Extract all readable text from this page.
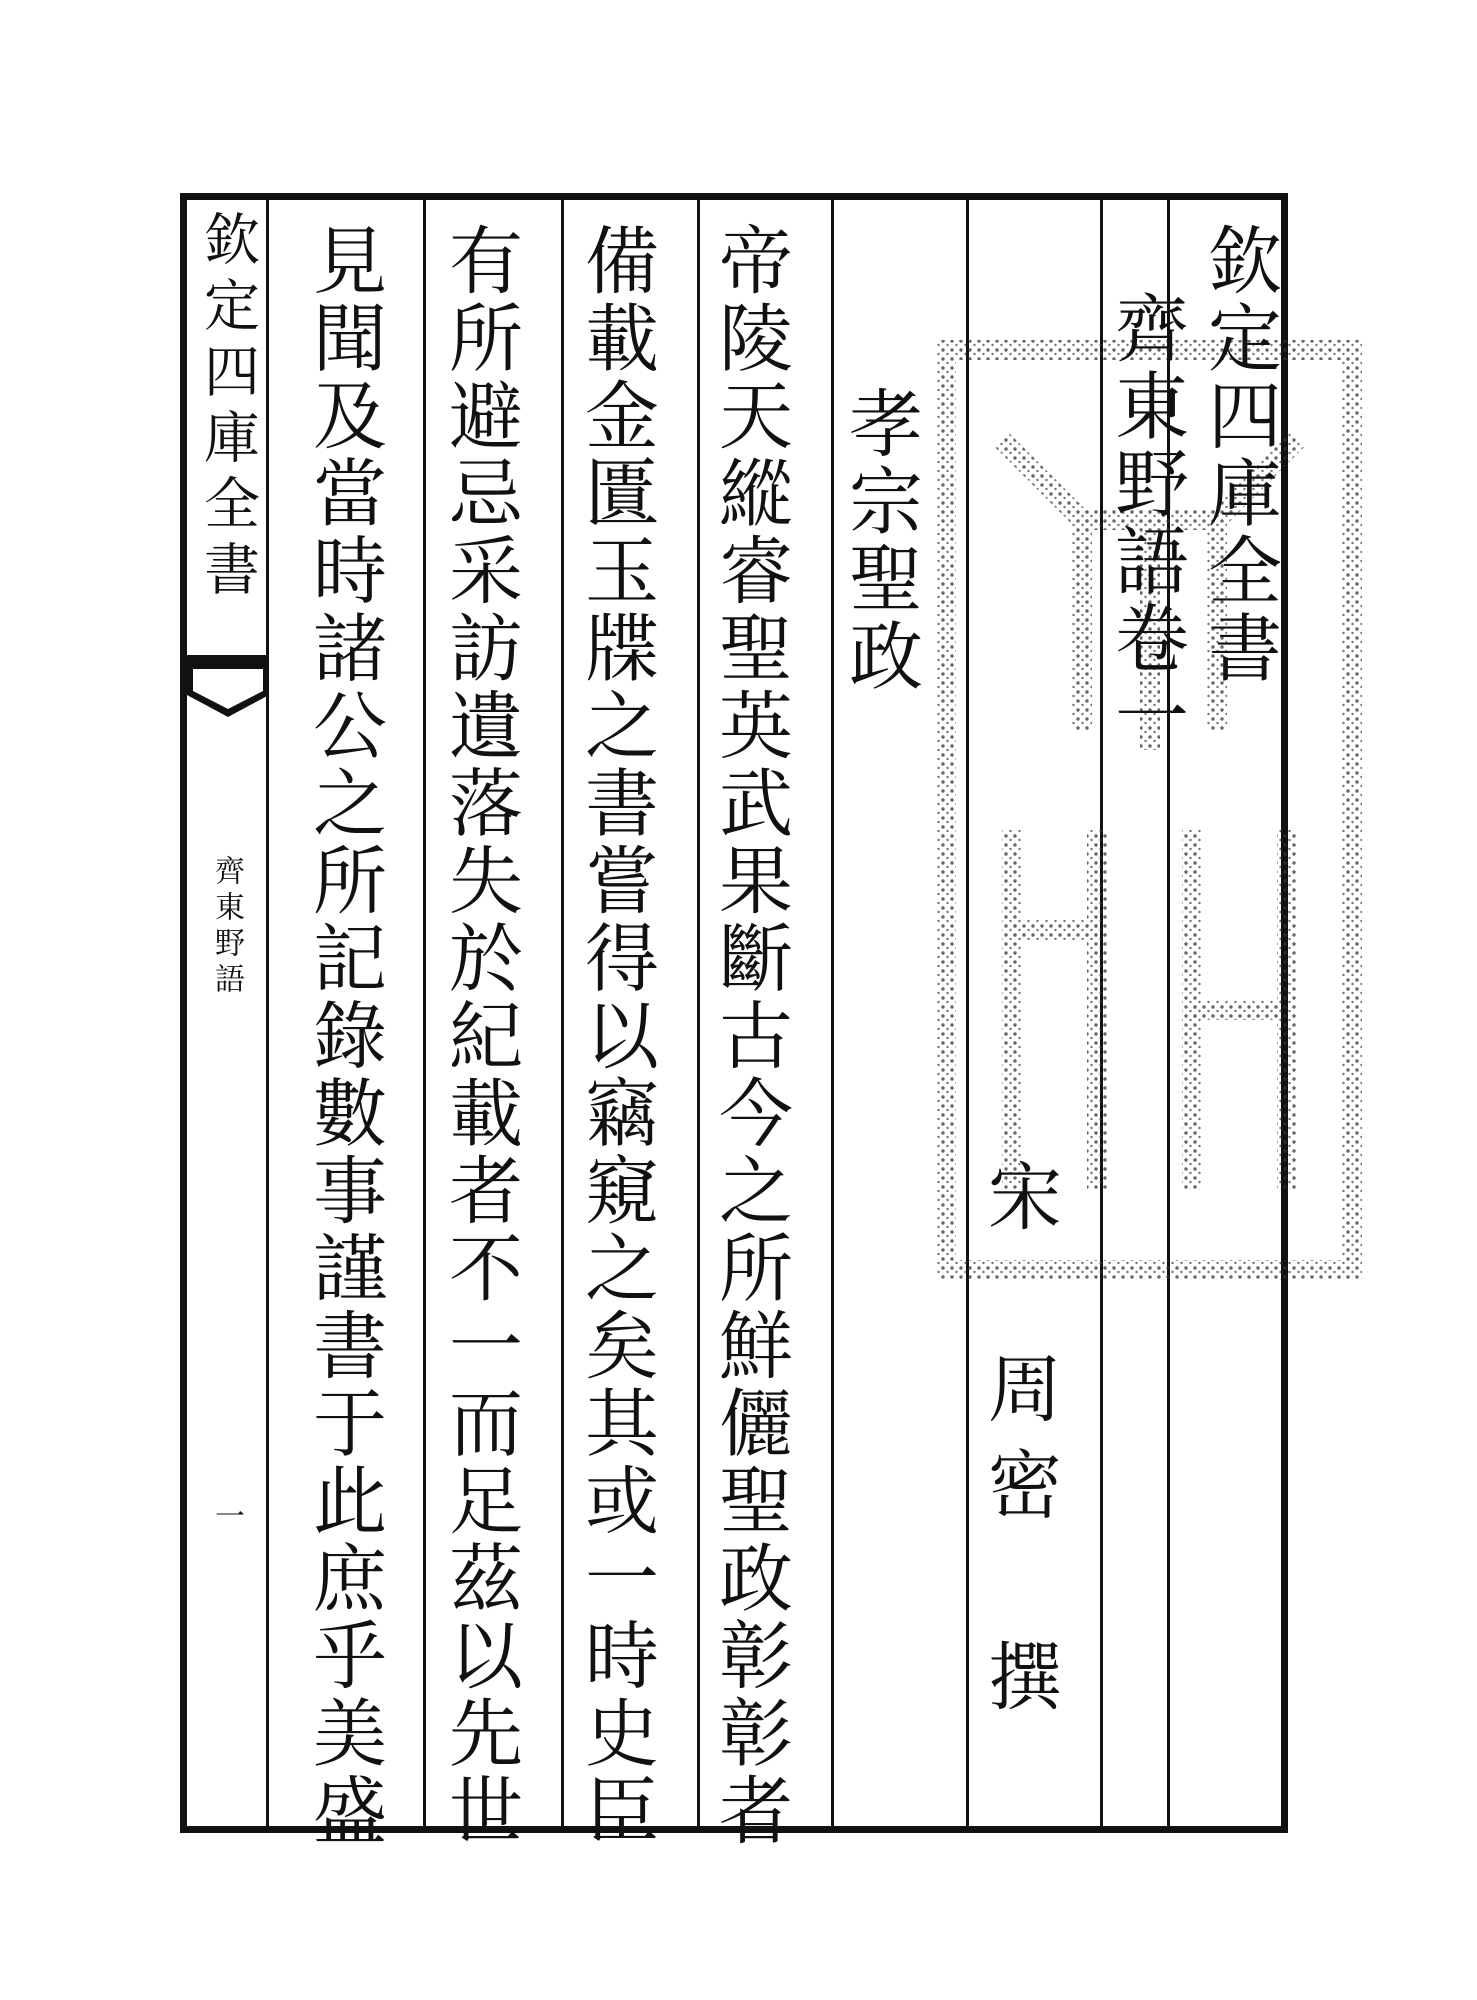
欽定四庫全書
齊東野語
一
欽定四庫全書
齊東野語卷一
宋　周密　撰
孝宗聖政
帝陵天縱睿聖英武果斷古今之所鮮儷聖政彰彰者
備載金匱玉牒之書嘗得以竊窺之矣其或一時史臣
有所避忌采訪遺落失於紀載者不一而足茲以先世
見聞及當時諸公之所記錄數事謹書于此庶乎美盛
